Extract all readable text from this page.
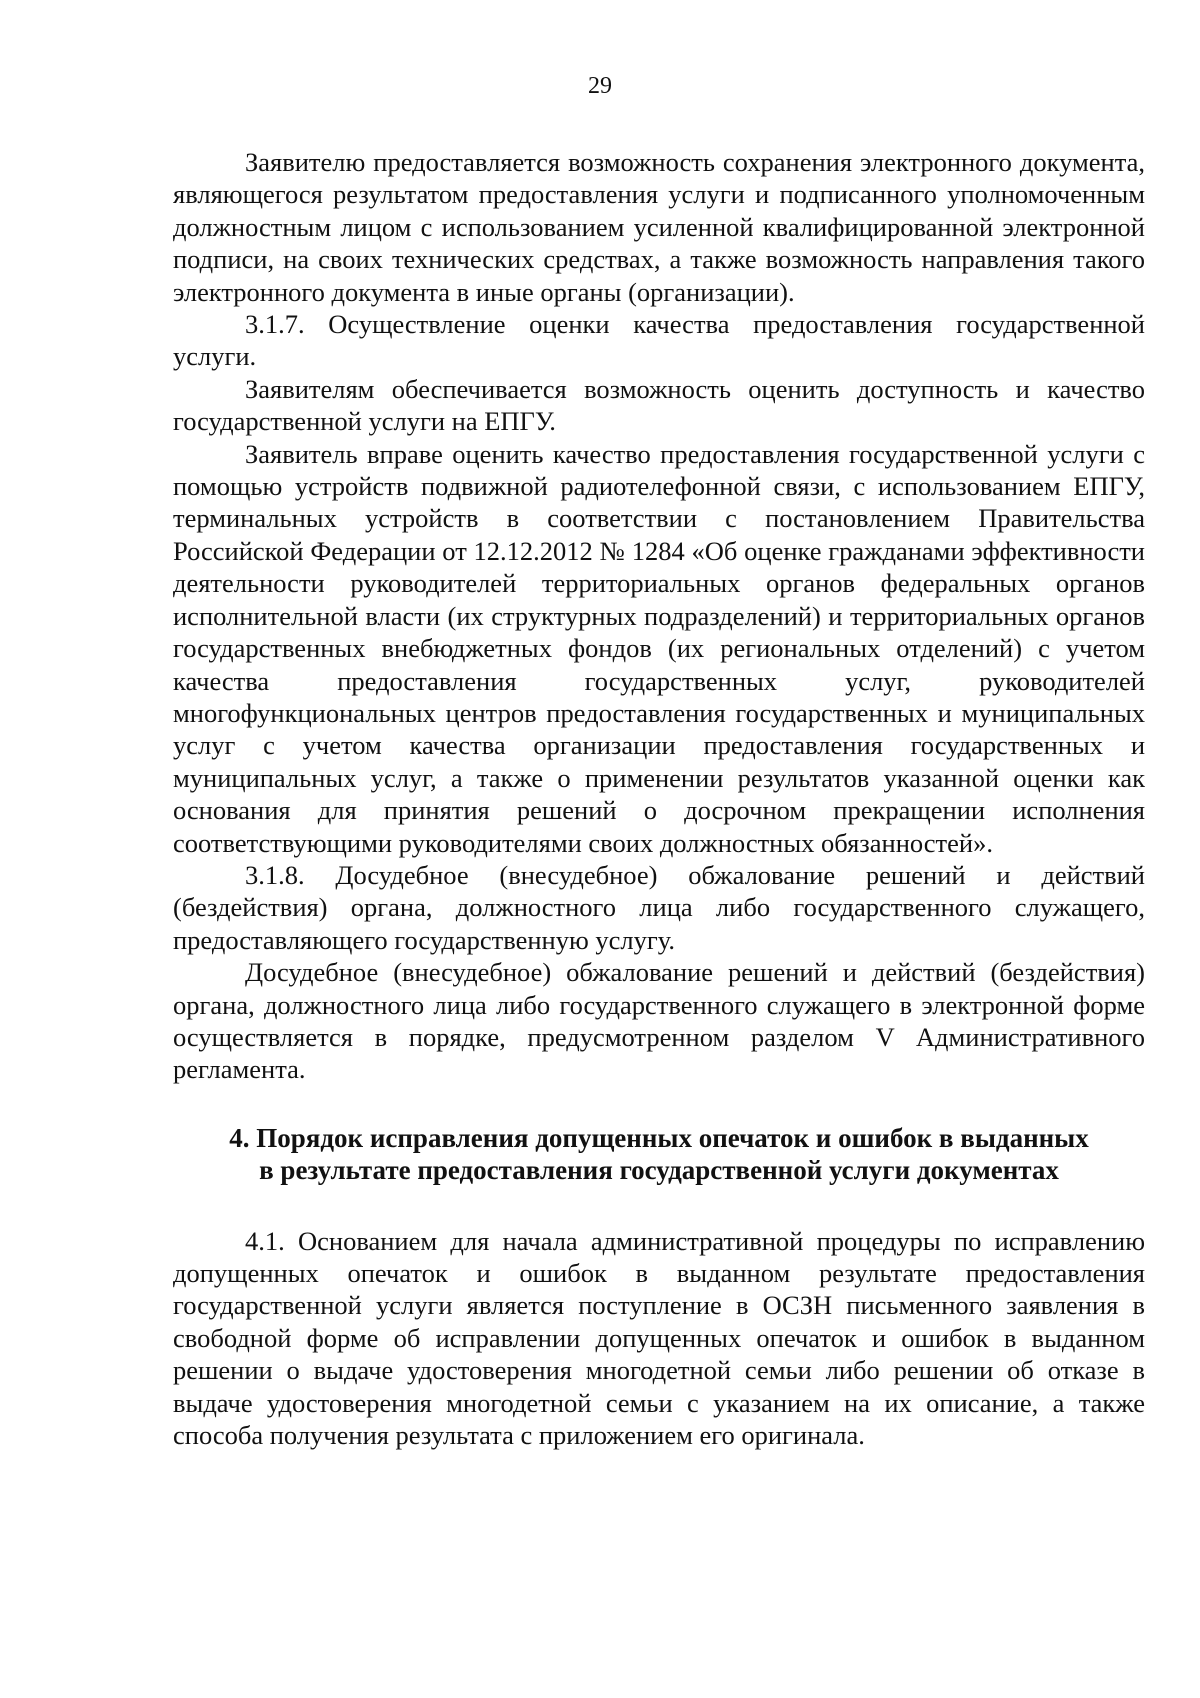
29

Заявителю предоставляется возможность сохранения электронного документа, являющегося результатом предоставления услуги и подписанного уполномоченным должностным лицом с использованием усиленной квалифицированной электронной подписи, на своих технических средствах, а также возможность направления такого электронного документа в иные органы (организации).

3.1.7. Осуществление оценки качества предоставления государственной услуги.

Заявителям обеспечивается возможность оценить доступность и качество государственной услуги на ЕПГУ.

Заявитель вправе оценить качество предоставления государственной услуги с помощью устройств подвижной радиотелефонной связи, с использованием ЕПГУ, терминальных устройств в соответствии с постановлением Правительства Российской Федерации от 12.12.2012 № 1284 «Об оценке гражданами эффективности деятельности руководителей территориальных органов федеральных органов исполнительной власти (их структурных подразделений) и территориальных органов государственных внебюджетных фондов (их региональных отделений) с учетом качества предоставления государственных услуг, руководителей многофункциональных центров предоставления государственных и муниципальных услуг с учетом качества организации предоставления государственных и муниципальных услуг, а также о применении результатов указанной оценки как основания для принятия решений о досрочном прекращении исполнения соответствующими руководителями своих должностных обязанностей».

3.1.8. Досудебное (внесудебное) обжалование решений и действий (бездействия) органа, должностного лица либо государственного служащего, предоставляющего государственную услугу.

Досудебное (внесудебное) обжалование решений и действий (бездействия) органа, должностного лица либо государственного служащего в электронной форме осуществляется в порядке, предусмотренном разделом V Административного регламента.

4. Порядок исправления допущенных опечаток и ошибок в выданных
в результате предоставления государственной услуги документах

4.1. Основанием для начала административной процедуры по исправлению допущенных опечаток и ошибок в выданном результате предоставления государственной услуги является поступление в ОСЗН письменного заявления в свободной форме об исправлении допущенных опечаток и ошибок в выданном решении о выдаче удостоверения многодетной семьи либо решении об отказе в выдаче удостоверения многодетной семьи с указанием на их описание, а также способа получения результата с приложением его оригинала.
